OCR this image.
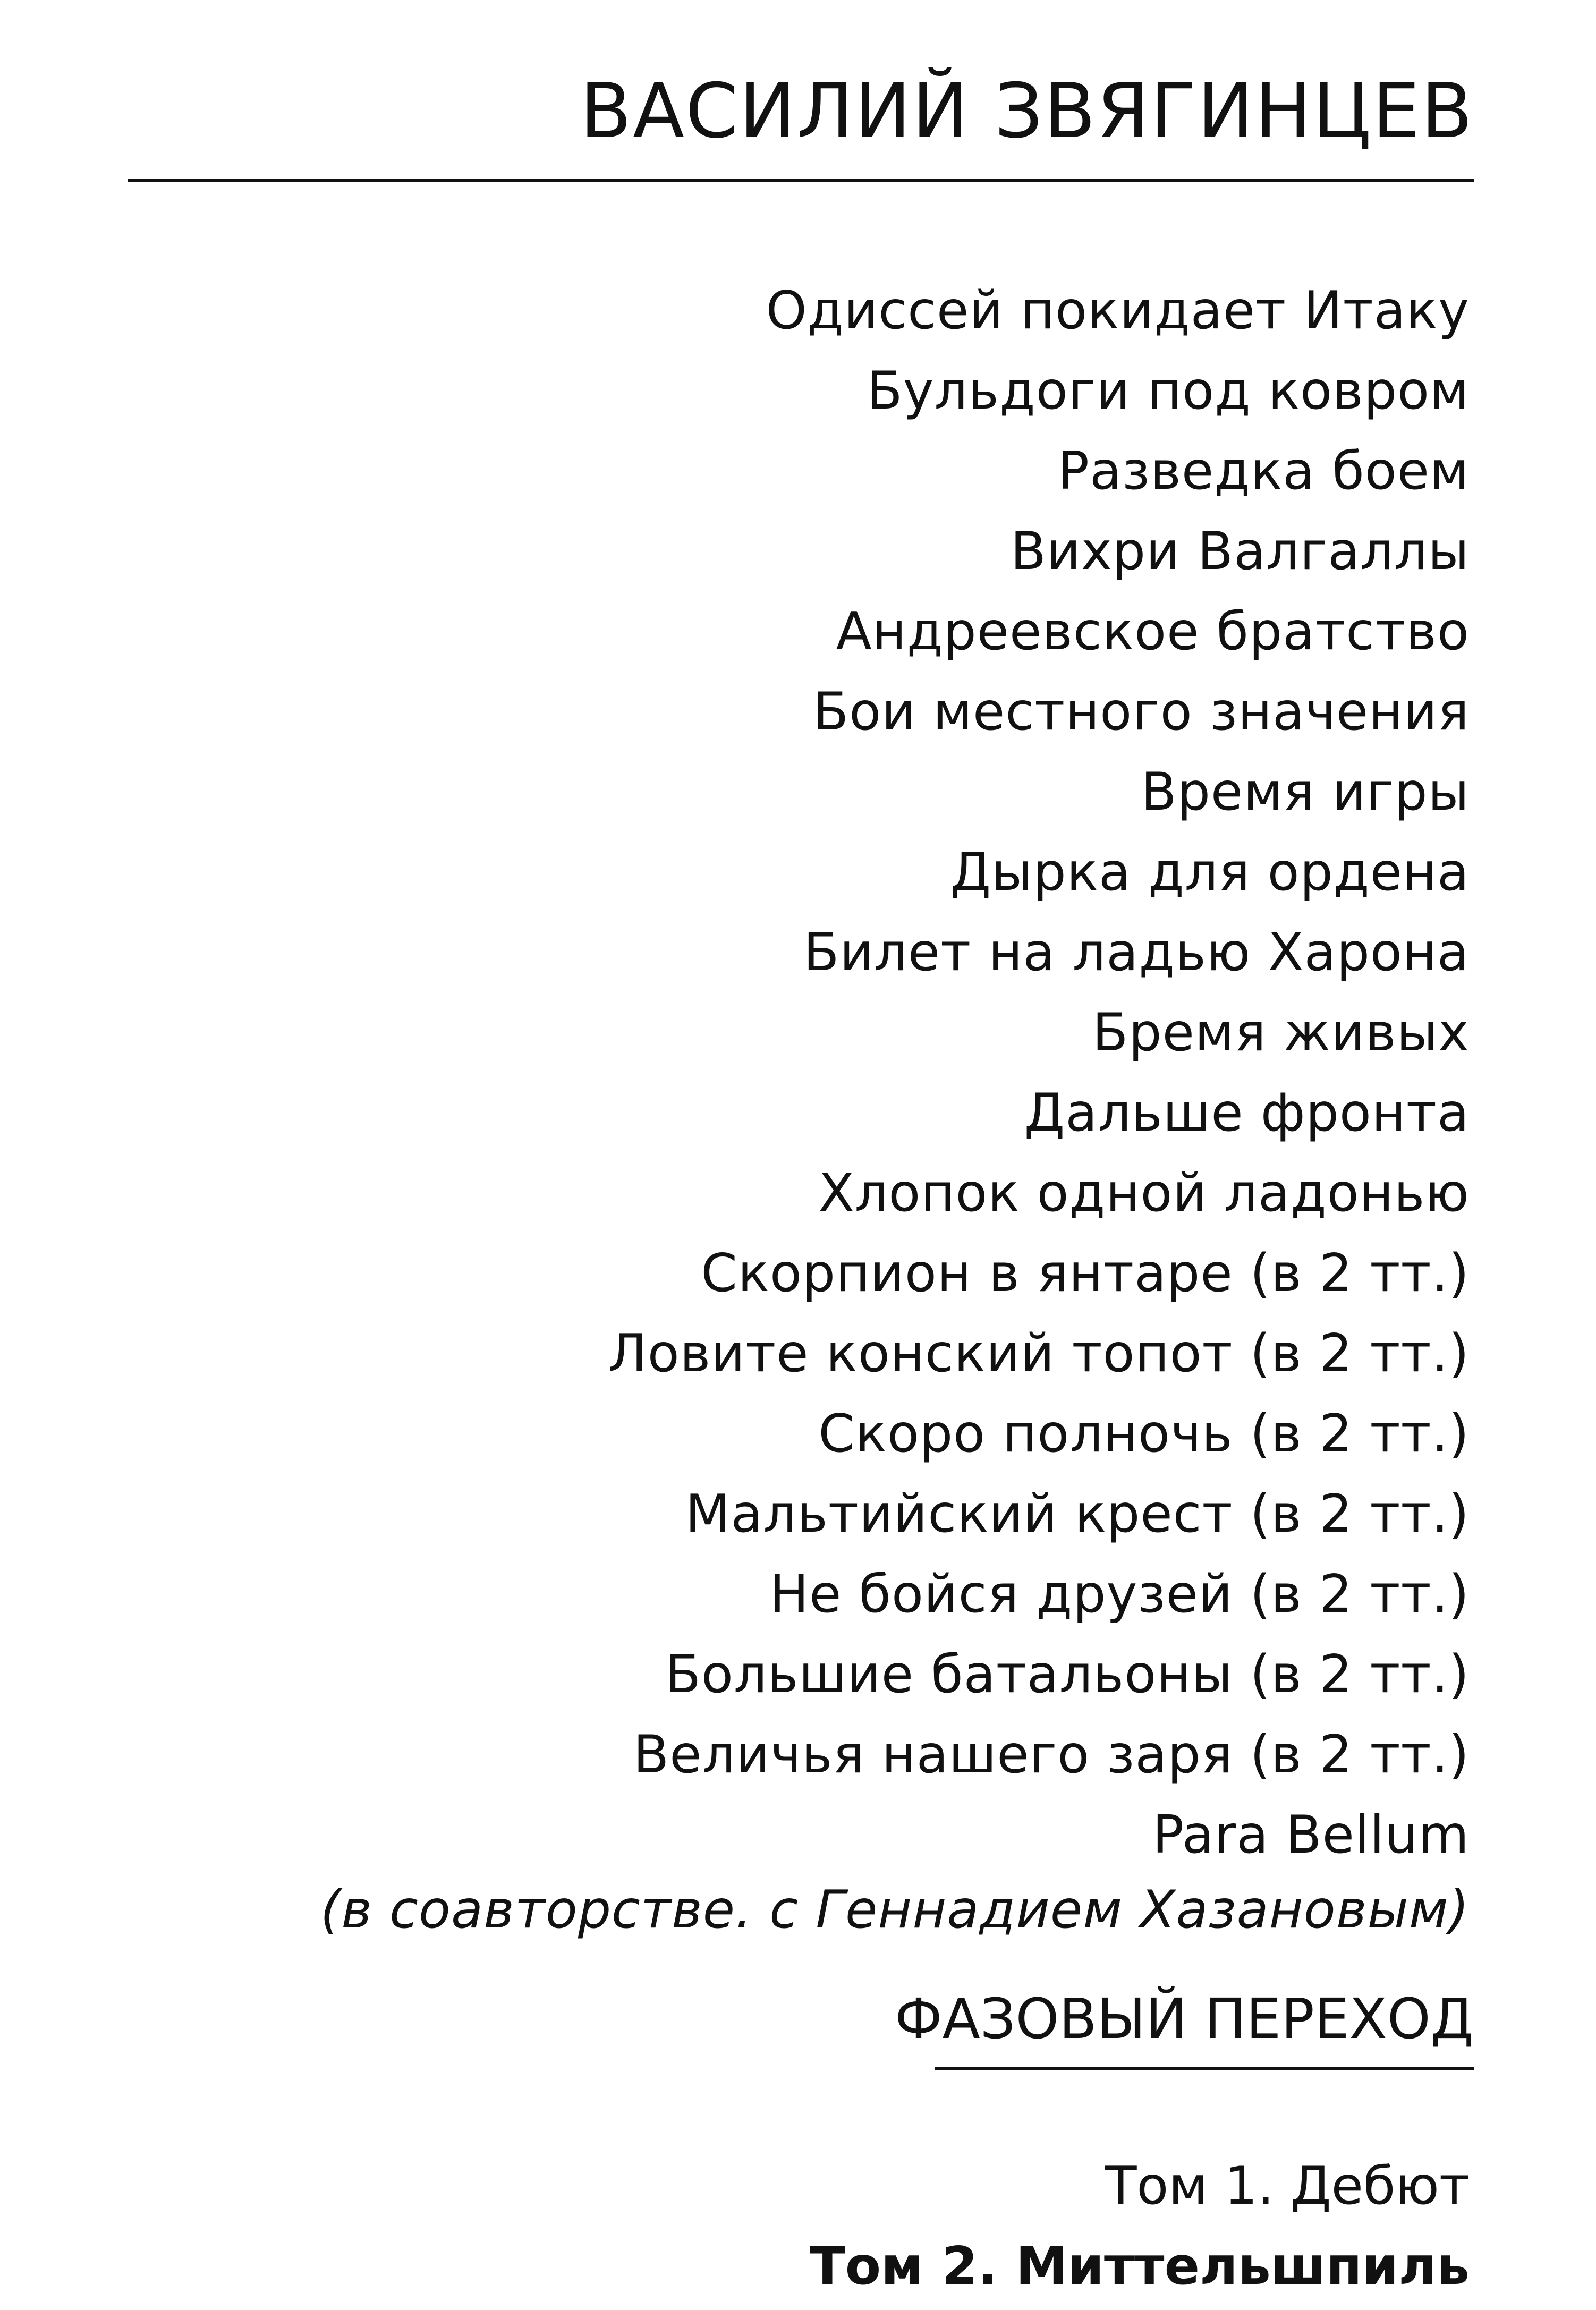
ВАСИЛИЙ ЗВЯГИНЦЕВ
Одиссей покидает Итаку
Бульдоги под ковром
Разведка боем
Вихри Валгаллы
Андреевское братство
Бои местного значения
Время игры
Дырка для ордена
Билет на ладью Харона
Бремя живых
Дальше фронта
Хлопок одной ладонью
Скорпион в янтаре (в 2 тт.)
Ловите конский топот (в 2 тт.)
Скоро полночь (в 2 тт.)
Мальтийский крест (в 2 тт.)
Не бойся друзей (в 2 тт.)
Большие батальоны (в 2 тт.)
Величья нашего заря (в 2 тт.)
Para Bellum
(в соавторстве. с Геннадием Хазановым)
ФАЗОВЫЙ ПЕРЕХОД
Том 1. Дебют
Том 2. Миттельшпиль
